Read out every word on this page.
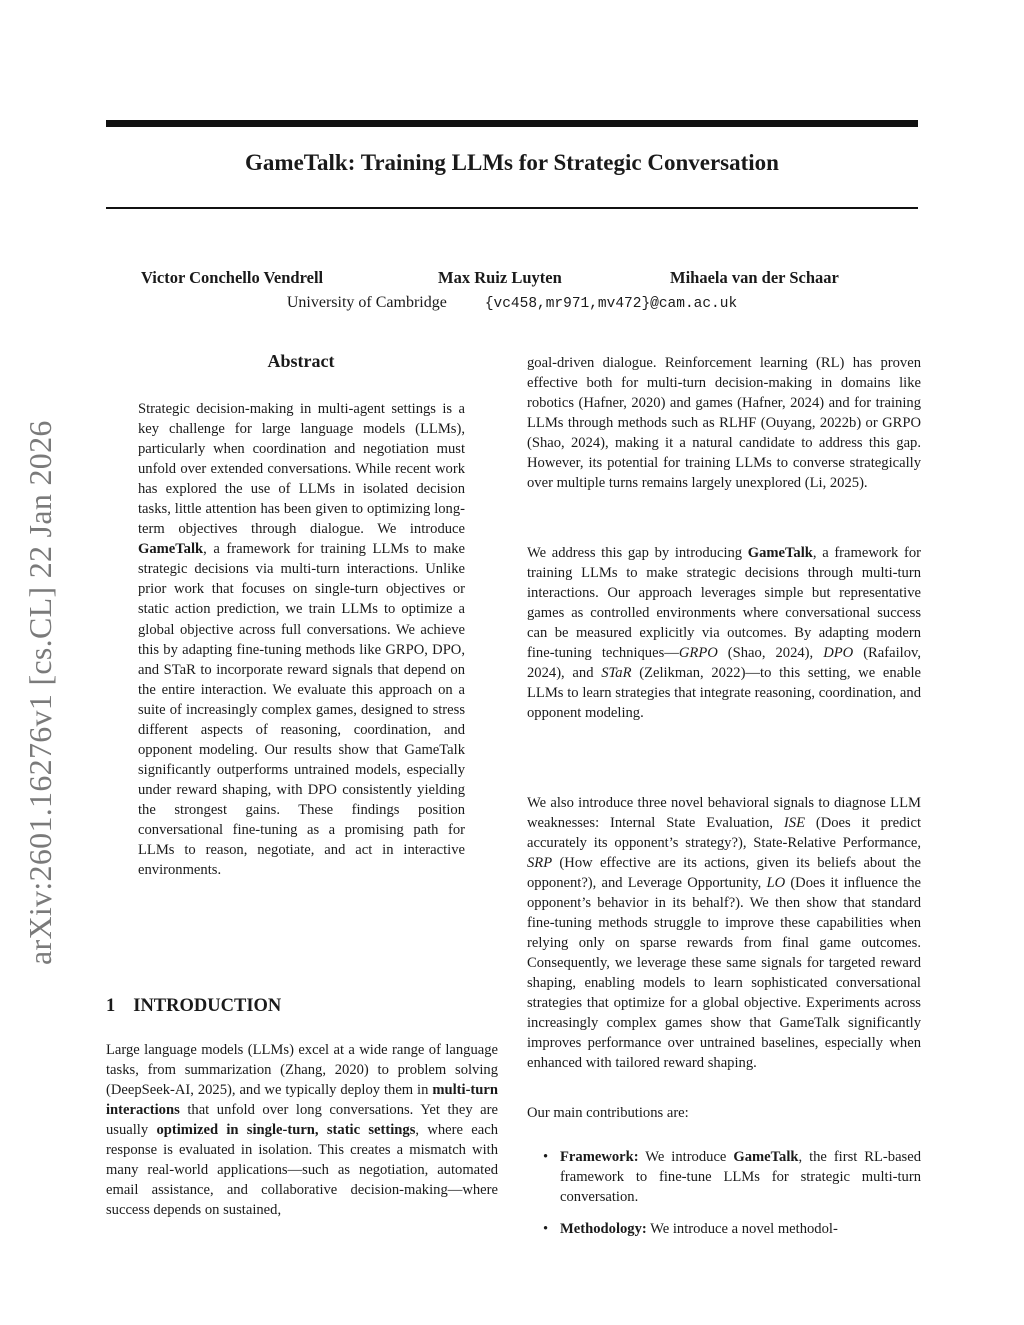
GameTalk: Training LLMs for Strategic Conversation
Victor Conchello Vendrell	Max Ruiz Luyten	Mihaela van der Schaar
University of Cambridge	{vc458,mr971,mv472}@cam.ac.uk
arXiv:2601.16276v1 [cs.CL] 22 Jan 2026
Abstract
Strategic decision-making in multi-agent settings is a key challenge for large language models (LLMs), particularly when coordination and negotiation must unfold over extended conversations. While recent work has explored the use of LLMs in isolated decision tasks, little attention has been given to optimizing long-term objectives through dialogue. We introduce GameTalk, a framework for training LLMs to make strategic decisions via multi-turn interactions. Unlike prior work that focuses on single-turn objectives or static action prediction, we train LLMs to optimize a global objective across full conversations. We achieve this by adapting fine-tuning methods like GRPO, DPO, and STaR to incorporate reward signals that depend on the entire interaction. We evaluate this approach on a suite of increasingly complex games, designed to stress different aspects of reasoning, coordination, and opponent modeling. Our results show that GameTalk significantly outperforms untrained models, especially under reward shaping, with DPO consistently yielding the strongest gains. These findings position conversational fine-tuning as a promising path for LLMs to reason, negotiate, and act in interactive environments.
1 INTRODUCTION
Large language models (LLMs) excel at a wide range of language tasks, from summarization (Zhang, 2020) to problem solving (DeepSeek-AI, 2025), and we typically deploy them in multi-turn interactions that unfold over long conversations. Yet they are usually optimized in single-turn, static settings, where each response is evaluated in isolation. This creates a mismatch with many real-world applications—such as negotiation, automated email assistance, and collaborative decision-making—where success depends on sustained,
goal-driven dialogue. Reinforcement learning (RL) has proven effective both for multi-turn decision-making in domains like robotics (Hafner, 2020) and games (Hafner, 2024) and for training LLMs through methods such as RLHF (Ouyang, 2022b) or GRPO (Shao, 2024), making it a natural candidate to address this gap. However, its potential for training LLMs to converse strategically over multiple turns remains largely unexplored (Li, 2025).
We address this gap by introducing GameTalk, a framework for training LLMs to make strategic decisions through multi-turn interactions. Our approach leverages simple but representative games as controlled environments where conversational success can be measured explicitly via outcomes. By adapting modern fine-tuning techniques—GRPO (Shao, 2024), DPO (Rafailov, 2024), and STaR (Zelikman, 2022)—to this setting, we enable LLMs to learn strategies that integrate reasoning, coordination, and opponent modeling.
We also introduce three novel behavioral signals to diagnose LLM weaknesses: Internal State Evaluation, ISE (Does it predict accurately its opponent’s strategy?), State-Relative Performance, SRP (How effective are its actions, given its beliefs about the opponent?), and Leverage Opportunity, LO (Does it influence the opponent’s behavior in its behalf?). We then show that standard fine-tuning methods struggle to improve these capabilities when relying only on sparse rewards from final game outcomes. Consequently, we leverage these same signals for targeted reward shaping, enabling models to learn sophisticated conversational strategies that optimize for a global objective. Experiments across increasingly complex games show that GameTalk significantly improves performance over untrained baselines, especially when enhanced with tailored reward shaping.
Our main contributions are:
• Framework: We introduce GameTalk, the first RL-based framework to fine-tune LLMs for strategic multi-turn conversation.
• Methodology: We introduce a novel methodol-
